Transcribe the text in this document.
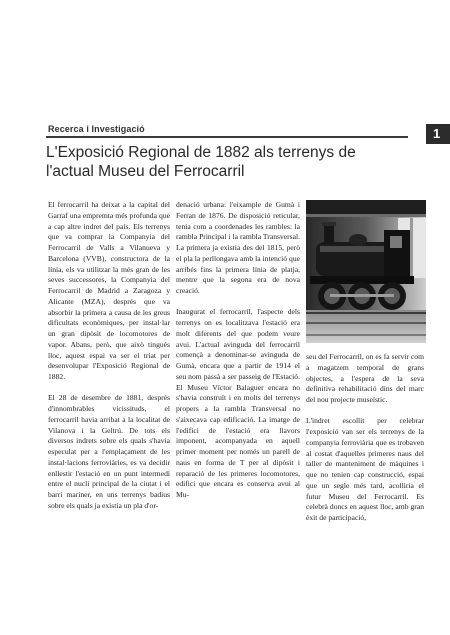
Recerca i Investigació	1
L'Exposició Regional de 1882 als terrenys de
l'actual Museu del Ferrocarril

El ferrocarril ha deixat a la capital del Garraf una empremta més profunda que a cap altre indret del país. Els terrenys que va comprar la Companyia del Ferrocarril de Valls a Vilanueva y Barcelona (VVB), constructora de la línia, els va utilitzar la més gran de les seves successores, la Companyia del Ferrocarril de Madrid a Zaragoza y Alicante (MZA), després que va absorbir la primera a causa de les greus dificultats econòmiques, per instal·lar un gran dipòsit de locomotores de vapor. Abans, però, que això tingués lloc, aquest espai va ser el triat per desenvolupar l'Exposició Regional de 1882.

El 28 de desembre de 1881, després d'innombrables vicissituds, el ferrocarril havia arribat a la localitat de Vilanova i la Geltrú. De tots els diversos indrets sobre els quals s'havia especulat per a l'emplaçament de les instal·lacions ferroviàries, es va decidir enllestir l'estació en un punt intermedi entre el nucli principal de la ciutat i el barri mariner, en uns terrenys badius sobre els quals ja existia un pla d'or-

denació urbana: l'eixample de Gumà i Ferran de 1876. De disposició reticular, tenia com a coordenades les rambles: la rambla Principal i la rambla Transversal. La primera ja existia des del 1815, però el pla la perllongava amb la intenció que arribés fins la primera línia de platja, mentre que la segona era de nova creació.

Inaugurat el ferrocarril, l'aspecte dels terrenys on es localitzava l'estació era molt diferents del que podem veure avui. L'actual avinguda del ferrocarril començà a denominar-se avinguda de Gumà, encara que a partir de 1914 el seu nom passà a ser passeig de l'Estació. El Museu Víctor Balaguer encara no s'havia construït i en molts del terrenys propers a la rambla Transversal no s'aixecava cap edificació. La imatge de l'edifici de l'estació era llavors imponent, acompanyada en aquell primer moment per només un parell de naus en forma de T per al dipòsit i reparació de les primeres locomotores, edifici que encara es conserva avui al Mu-

seu del Ferrocarril, on es fa servir com a magatzem temporal de grans objectes, a l'espera de la seva definitiva rehabilitació dins del marc del nou projecte museístic.

L'indret escollit per celebrar l'exposició van ser els terrenys de la companyia ferroviària que es trobaven al costat d'aquelles primeres naus del taller de manteniment de màquines i que no tenien cap construcció, espai que un segle més tard, acolliria el futur Museu del Ferrocarril. Es celebrà doncs en aquest lloc, amb gran èxit de participació,
